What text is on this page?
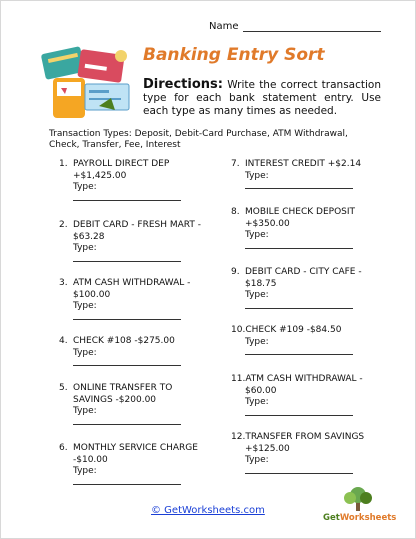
Name
Banking Entry Sort
Directions: Write the correct transaction type for each bank statement entry. Use each type as many times as needed.
Transaction Types: Deposit, Debit-Card Purchase, ATM Withdrawal, Check, Transfer, Fee, Interest
1. PAYROLL DIRECT DEP
+$1,425.00
Type:
2. DEBIT CARD - FRESH MART -
$63.28
Type:
3. ATM CASH WITHDRAWAL -
$100.00
Type:
4. CHECK #108 -$275.00
Type:
5. ONLINE TRANSFER TO
SAVINGS -$200.00
Type:
6. MONTHLY SERVICE CHARGE
-$10.00
Type:
7. INTEREST CREDIT +$2.14
Type:
8. MOBILE CHECK DEPOSIT
+$350.00
Type:
9. DEBIT CARD - CITY CAFE -
$18.75
Type:
10. CHECK #109 -$84.50
Type:
11. ATM CASH WITHDRAWAL -
$60.00
Type:
12. TRANSFER FROM SAVINGS
+$125.00
Type:
© GetWorksheets.com
GetWorksheets
